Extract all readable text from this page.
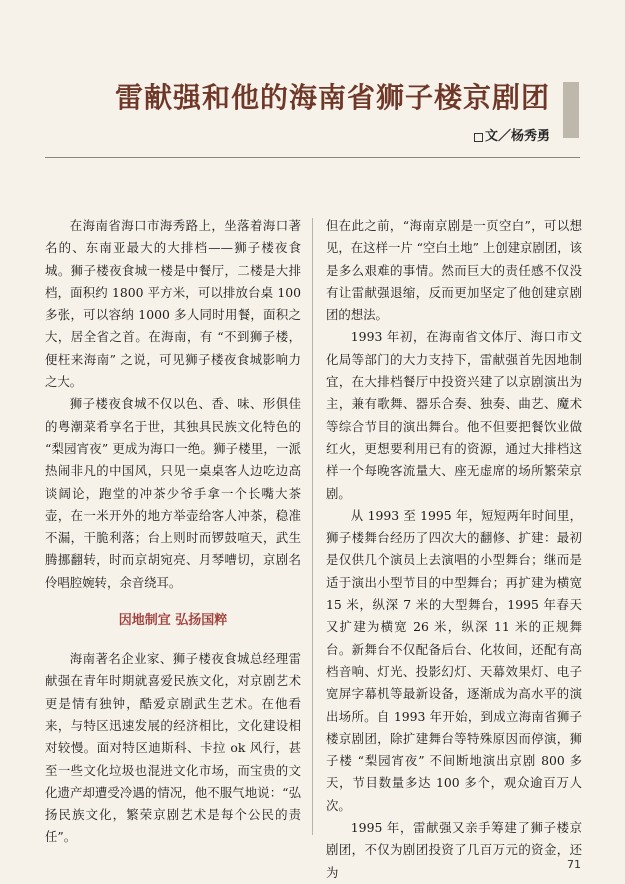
雷献强和他的海南省狮子楼京剧团
文／杨秀勇

在海南省海口市海秀路上，坐落着海口著名的、东南亚最大的大排档——狮子楼夜食城。狮子楼夜食城一楼是中餐厅，二楼是大排档，面积约 1800 平方米，可以排放台桌 100 多张，可以容纳 1000 多人同时用餐，面积之大，居全省之首。在海南，有 “不到狮子楼，便枉来海南” 之说，可见狮子楼夜食城影响力之大。

狮子楼夜食城不仅以色、香、味、形俱佳的粤潮菜肴享名于世，其独具民族文化特色的 “梨园宵夜” 更成为海口一绝。狮子楼里，一派热闹非凡的中国风，只见一桌桌客人边吃边高谈阔论，跑堂的冲茶少爷手拿一个长嘴大茶壶，在一米开外的地方举壶给客人冲茶，稳准不漏，干脆利落；台上则时而锣鼓喧天，武生腾挪翻转，时而京胡宛亮、月琴嘈切，京剧名伶唱腔婉转，余音绕耳。

因地制宜 弘扬国粹

海南著名企业家、狮子楼夜食城总经理雷献强在青年时期就喜爱民族文化，对京剧艺术更是情有独钟，酷爱京剧武生艺术。在他看来，与特区迅速发展的经济相比，文化建设相对较慢。面对特区迪斯科、卡拉 ok 风行，甚至一些文化垃圾也混进文化市场，而宝贵的文化遗产却遭受冷遇的情况，他不服气地说：“弘扬民族文化，繁荣京剧艺术是每个公民的责任”。

但在此之前，“海南京剧是一页空白”，可以想见，在这样一片 “空白土地” 上创建京剧团，该是多么艰难的事情。然而巨大的责任感不仅没有让雷献强退缩，反而更加坚定了他创建京剧团的想法。

1993 年初，在海南省文体厅、海口市文化局等部门的大力支持下，雷献强首先因地制宜，在大排档餐厅中投资兴建了以京剧演出为主，兼有歌舞、器乐合奏、独奏、曲艺、魔术等综合节目的演出舞台。他不但要把餐饮业做红火，更想要利用已有的资源，通过大排档这样一个每晚客流量大、座无虚席的场所繁荣京剧。

从 1993 至 1995 年，短短两年时间里，狮子楼舞台经历了四次大的翻修、扩建：最初是仅供几个演员上去演唱的小型舞台；继而是适于演出小型节目的中型舞台；再扩建为横宽 15 米，纵深 7 米的大型舞台，1995 年春天又扩建为横宽 26 米，纵深 11 米的正规舞台。新舞台不仅配备后台、化妆间，还配有高档音响、灯光、投影幻灯、天幕效果灯、电子宽屏字幕机等最新设备，逐渐成为高水平的演出场所。自 1993 年开始，到成立海南省狮子楼京剧团，除扩建舞台等特殊原因而停演，狮子楼 “梨园宵夜” 不间断地演出京剧 800 多天，节目数量多达 100 多个，观众逾百万人次。

1995 年，雷献强又亲手筹建了狮子楼京剧团，不仅为剧团投资了几百万元的资金，还为

71
